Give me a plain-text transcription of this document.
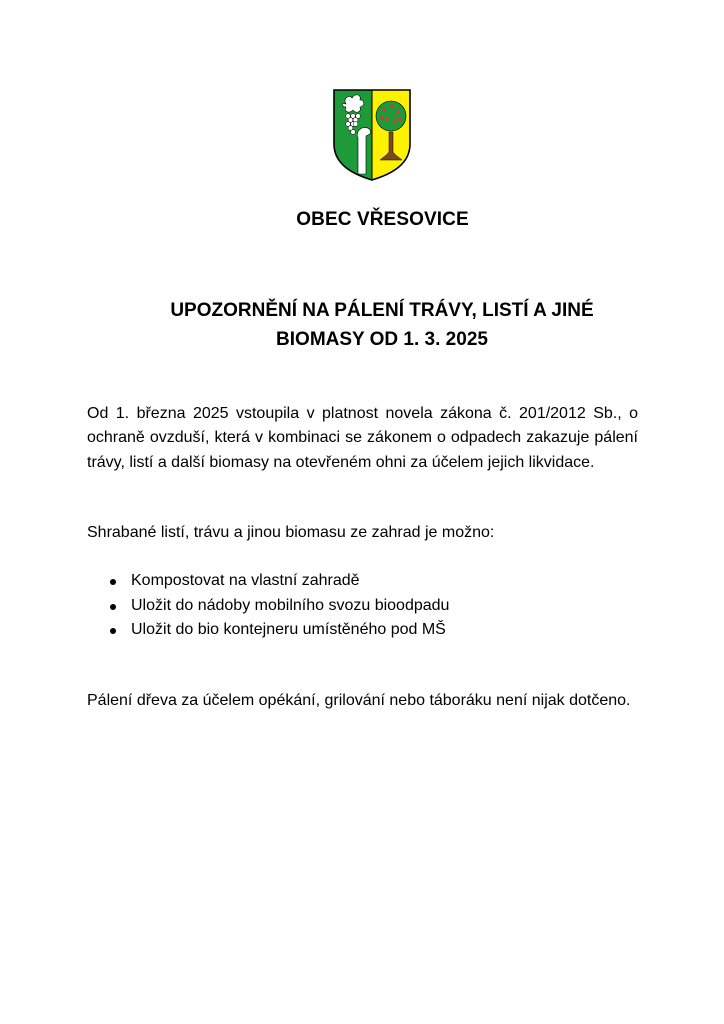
OBEC VŘESOVICE
UPOZORNĚNÍ NA PÁLENÍ TRÁVY, LISTÍ A JINÉ
BIOMASY OD 1. 3. 2025

Od 1. března 2025 vstoupila v platnost novela zákona č. 201/2012 Sb., o ochraně ovzduší, která v kombinaci se zákonem o odpadech zakazuje pálení trávy, listí a další biomasy na otevřeném ohni za účelem jejich likvidace.

Shrabané listí, trávu a jinou biomasu ze zahrad je možno:

Kompostovat na vlastní zahradě
Uložit do nádoby mobilního svozu bioodpadu
Uložit do bio kontejneru umístěného pod MŠ

Pálení dřeva za účelem opékání, grilování nebo táboráku není nijak dotčeno.
